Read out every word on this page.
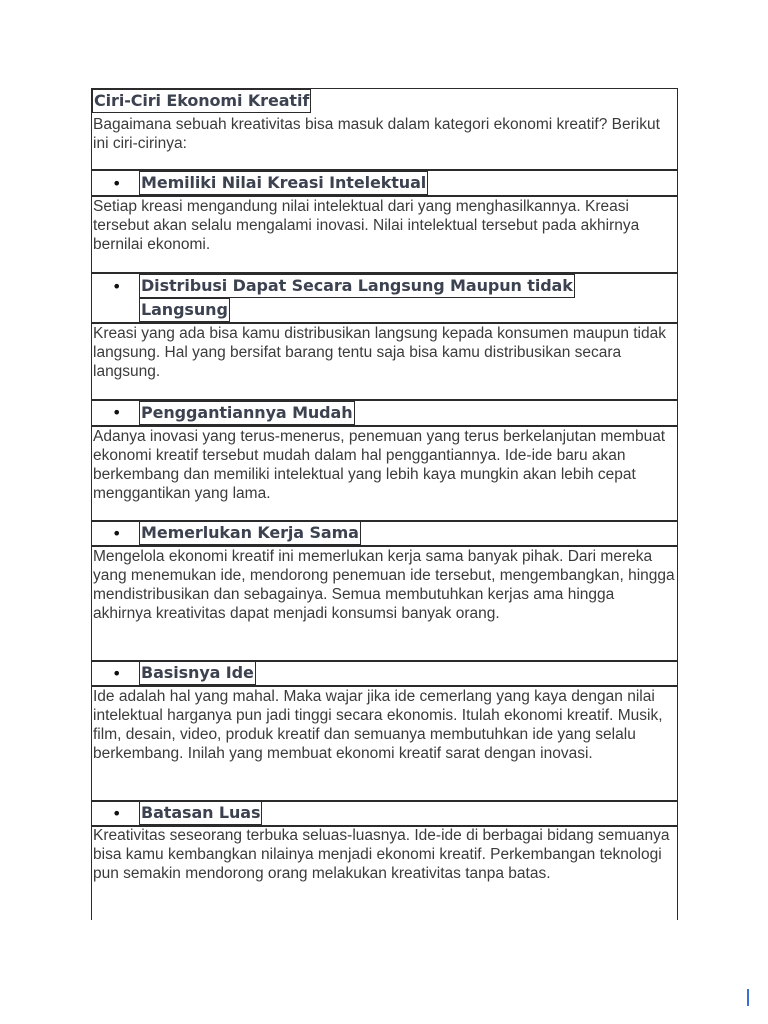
Ciri-Ciri Ekonomi Kreatif

Bagaimana sebuah kreativitas bisa masuk dalam kategori ekonomi kreatif? Berikut ini ciri-cirinya:

• Memiliki Nilai Kreasi Intelektual

Setiap kreasi mengandung nilai intelektual dari yang menghasilkannya. Kreasi tersebut akan selalu mengalami inovasi. Nilai intelektual tersebut pada akhirnya bernilai ekonomi.

• Distribusi Dapat Secara Langsung Maupun tidak
Langsung

Kreasi yang ada bisa kamu distribusikan langsung kepada konsumen maupun tidak langsung. Hal yang bersifat barang tentu saja bisa kamu distribusikan secara langsung.

• Penggantiannya Mudah

Adanya inovasi yang terus-menerus, penemuan yang terus berkelanjutan membuat ekonomi kreatif tersebut mudah dalam hal penggantiannya. Ide-ide baru akan berkembang dan memiliki intelektual yang lebih kaya mungkin akan lebih cepat menggantikan yang lama.

• Memerlukan Kerja Sama

Mengelola ekonomi kreatif ini memerlukan kerja sama banyak pihak. Dari mereka yang menemukan ide, mendorong penemuan ide tersebut, mengembangkan, hingga mendistribusikan dan sebagainya. Semua membutuhkan kerjas ama hingga akhirnya kreativitas dapat menjadi konsumsi banyak orang.

• Basisnya Ide

Ide adalah hal yang mahal. Maka wajar jika ide cemerlang yang kaya dengan nilai intelektual harganya pun jadi tinggi secara ekonomis. Itulah ekonomi kreatif. Musik, film, desain, video, produk kreatif dan semuanya membutuhkan ide yang selalu berkembang. Inilah yang membuat ekonomi kreatif sarat dengan inovasi.

• Batasan Luas

Kreativitas seseorang terbuka seluas-luasnya. Ide-ide di berbagai bidang semuanya bisa kamu kembangkan nilainya menjadi ekonomi kreatif. Perkembangan teknologi pun semakin mendorong orang melakukan kreativitas tanpa batas.
